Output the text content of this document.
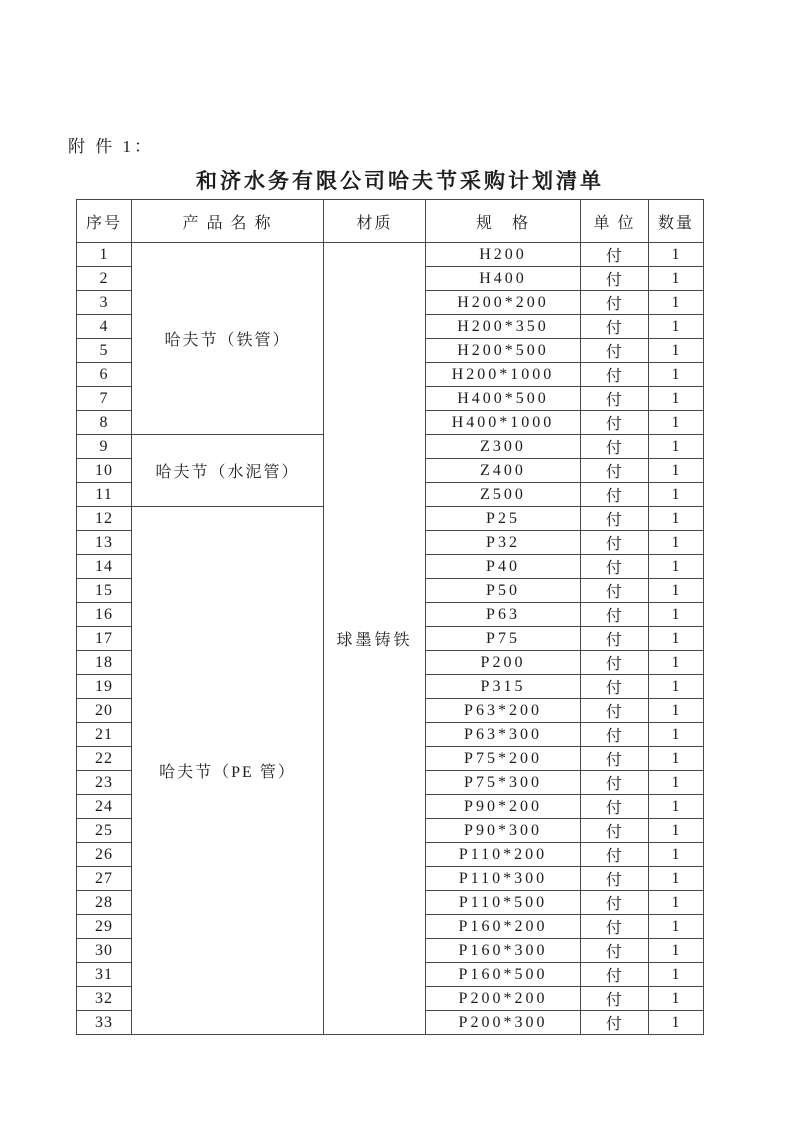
附 件 1：
和济水务有限公司哈夫节采购计划清单
序号	产 品 名 称	材质	规　格	单 位	数量
1	哈夫节（铁管）	球墨铸铁	H200	付	1
2			H400	付	1
3			H200*200	付	1
4			H200*350	付	1
5			H200*500	付	1
6			H200*1000	付	1
7			H400*500	付	1
8			H400*1000	付	1
9	哈夫节（水泥管）		Z300	付	1
10			Z400	付	1
11			Z500	付	1
12	哈夫节（PE 管）		P25	付	1
13			P32	付	1
14			P40	付	1
15			P50	付	1
16			P63	付	1
17			P75	付	1
18			P200	付	1
19			P315	付	1
20			P63*200	付	1
21			P63*300	付	1
22			P75*200	付	1
23			P75*300	付	1
24			P90*200	付	1
25			P90*300	付	1
26			P110*200	付	1
27			P110*300	付	1
28			P110*500	付	1
29			P160*200	付	1
30			P160*300	付	1
31			P160*500	付	1
32			P200*200	付	1
33			P200*300	付	1
